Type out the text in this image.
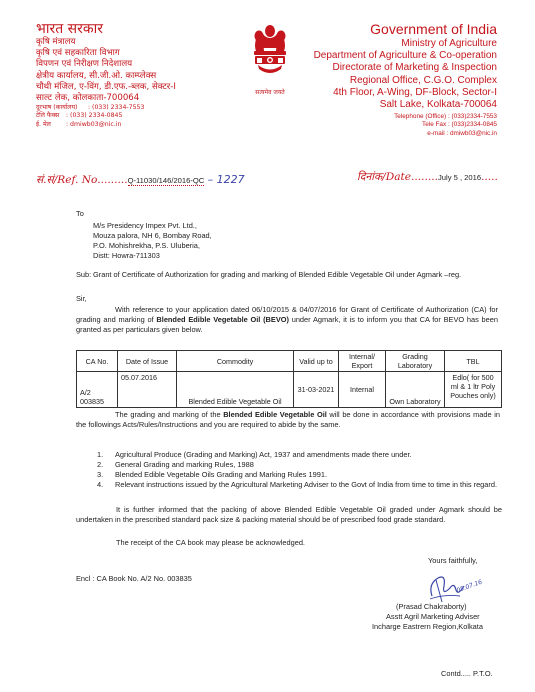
भारत सरकार
कृषि मंत्रालय
कृषि एवं सहकारिता विभाग
विपणन एवं निरीक्षण निदेशालय
क्षेत्रीय कार्यालय, सी.जी.ओ. काम्प्लेक्स
चौथी मंजिल, ए-विंग, डी.एफ.-ब्लक, सेक्टर-I
साल्ट लेक, कोलकाता-700064
दूरभाष (कार्यालय) : (033) 2334-7553
टेलि फैक्स : (033) 2334-0845
ई. मेल : dmiwb03@nic.in
सत्यमेव जयते
Government of India
Ministry of Agriculture
Department of Agriculture & Co-operation
Directorate of Marketing & Inspection
Regional Office, C.G.O. Complex
4th Floor, A-Wing, DF-Block, Sector-I
Salt Lake, Kolkata-700064
Telephone (Office) : (033)2334-7553
Tele Fax : (033)2334-0845
e-mail : dmiwb03@nic.in
सं.सं/Ref. No.........Q-11030/146/2016-QC – 1227	दिनांक/Date........July 5 , 2016.....
To
M/s Presidency Impex Pvt. Ltd.,
Mouza palora, NH 6, Bombay Road,
P.O. Mohishrekha, P.S. Uluberia,
Distt: Howra-711303
Sub: Grant of Certificate of Authorization for grading and marking of Blended Edible Vegetable Oil under Agmark –reg.
Sir,
With reference to your application dated 06/10/2015 & 04/07/2016 for Grant of Certificate of Authorization (CA) for grading and marking of Blended Edible Vegetable Oil (BEVO) under Agmark, it is to inform you that CA for BEVO has been granted as per particulars given below.
CA No.	Date of Issue	Commodity	Valid up to	Internal/ Export	Grading Laboratory	TBL
A/2 003835	05.07.2016	Blended Edible Vegetable Oil	31-03-2021	Internal	Own Laboratory	Edlo( for 500 ml & 1 ltr Poly Pouches only)
The grading and marking of the Blended Edible Vegetable Oil will be done in accordance with provisions made in the followings Acts/Rules/Instructions and you are required to abide by the same.
1. Agricultural Produce (Grading and Marking) Act, 1937 and amendments made there under.
2. General Grading and marking Rules, 1988
3. Blended Edible Vegetable Oils Grading and Marking Rules 1991.
4. Relevant instructions issued by the Agricultural Marketing Adviser to the Govt of India from time to time in this regard.
It is further informed that the packing of above Blended Edible Vegetable Oil graded under Agmark should be undertaken in the prescribed standard pack size & packing material should be of prescribed food grade standard.
The receipt of the CA book may please be acknowledged.
Encl : CA Book No. A/2 No. 003835
Yours faithfully,
05.07.16
(Prasad Chakraborty)
Asstt Agril Marketing Adviser
Incharge Eastrern Region,Kolkata
Contd..... P.T.O.
